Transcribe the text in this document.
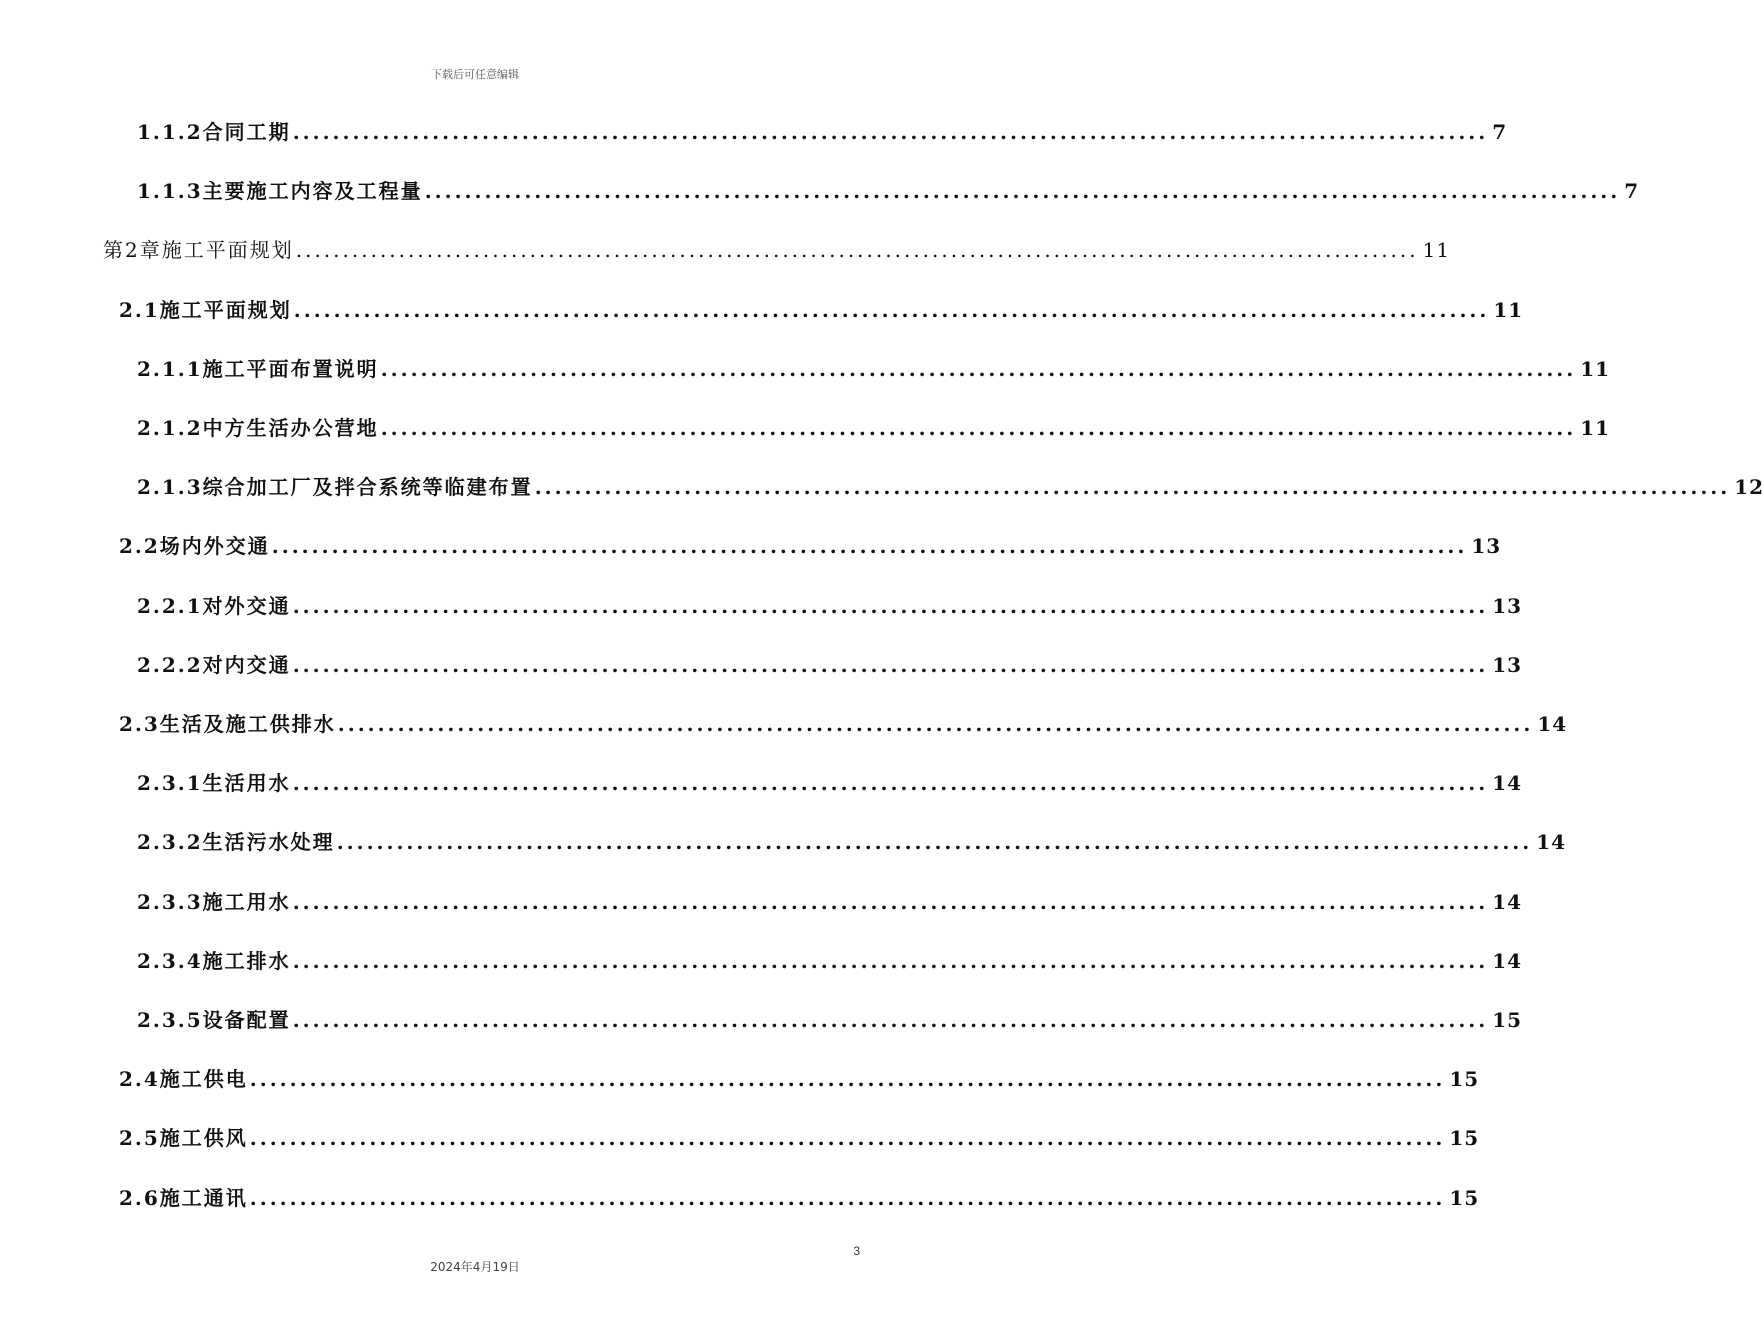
下载后可任意编辑
1.1.2合同工期 ........................................................................................................................ 7
1.1.3主要施工内容及工程量 ........................................................................................................................ 7
第2章施工平面规划 ........................................................................................................................ 11
2.1施工平面规划 ........................................................................................................................ 11
2.1.1施工平面布置说明 ........................................................................................................................ 11
2.1.2中方生活办公营地 ........................................................................................................................ 11
2.1.3综合加工厂及拌合系统等临建布置 ........................................................................................................................ 12
2.2场内外交通 ........................................................................................................................ 13
2.2.1对外交通 ........................................................................................................................ 13
2.2.2对内交通 ........................................................................................................................ 13
2.3生活及施工供排水 ........................................................................................................................ 14
2.3.1生活用水 ........................................................................................................................ 14
2.3.2生活污水处理 ........................................................................................................................ 14
2.3.3施工用水 ........................................................................................................................ 14
2.3.4施工排水 ........................................................................................................................ 14
2.3.5设备配置 ........................................................................................................................ 15
2.4施工供电 ........................................................................................................................ 15
2.5施工供风 ........................................................................................................................ 15
2.6施工通讯 ........................................................................................................................ 15
3
2024年4月19日
